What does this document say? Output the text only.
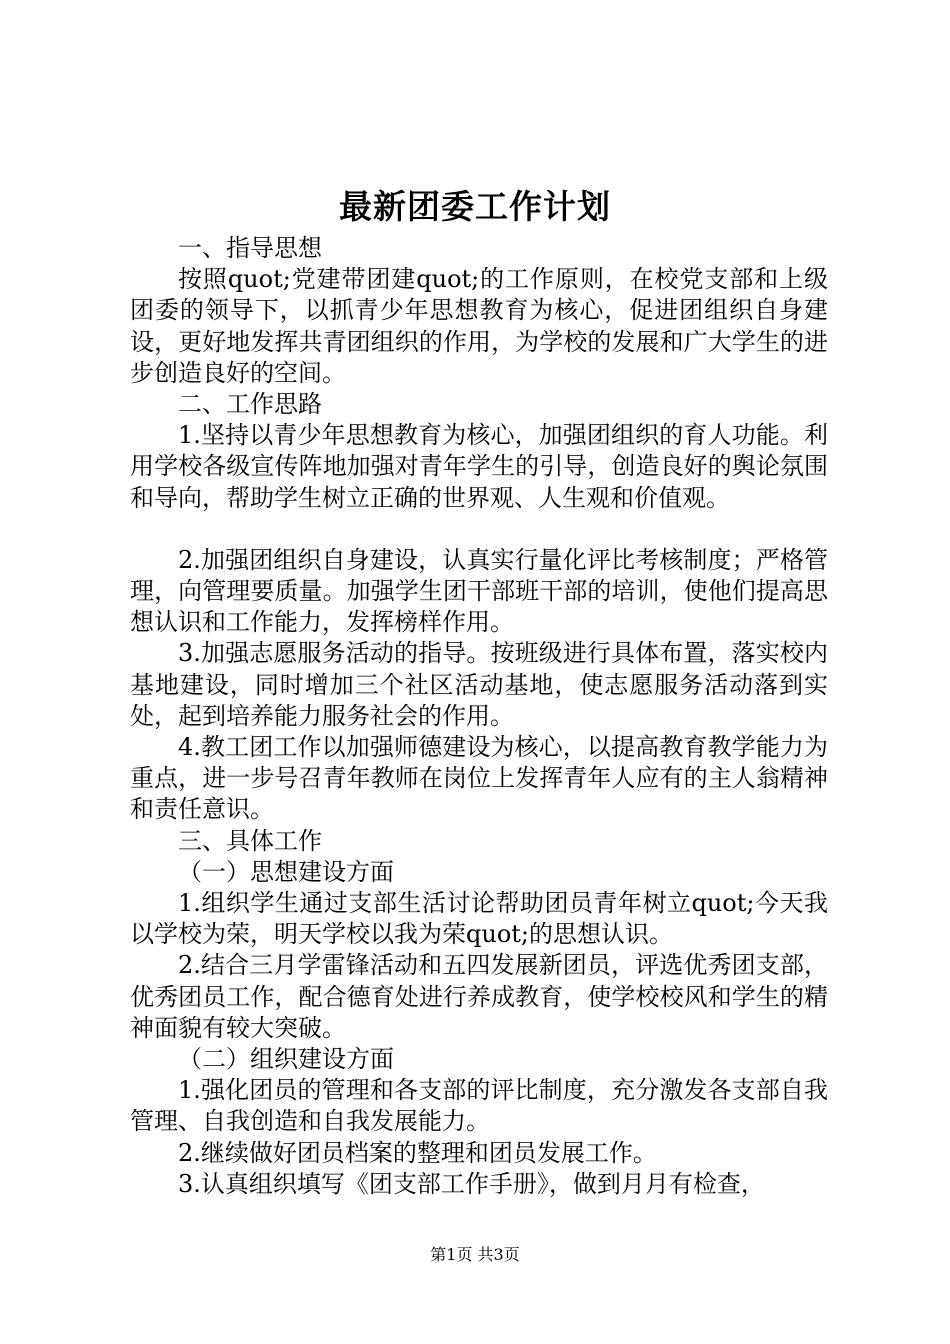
最新团委工作计划

一、指导思想

按照quot;党建带团建quot;的工作原则，在校党支部和上级团委的领导下，以抓青少年思想教育为核心，促进团组织自身建设，更好地发挥共青团组织的作用，为学校的发展和广大学生的进步创造良好的空间。

二、工作思路

1.坚持以青少年思想教育为核心，加强团组织的育人功能。利用学校各级宣传阵地加强对青年学生的引导，创造良好的舆论氛围和导向，帮助学生树立正确的世界观、人生观和价值观。

2.加强团组织自身建设，认真实行量化评比考核制度；严格管理，向管理要质量。加强学生团干部班干部的培训，使他们提高思想认识和工作能力，发挥榜样作用。

3.加强志愿服务活动的指导。按班级进行具体布置，落实校内基地建设，同时增加三个社区活动基地，使志愿服务活动落到实处，起到培养能力服务社会的作用。

4.教工团工作以加强师德建设为核心，以提高教育教学能力为重点，进一步号召青年教师在岗位上发挥青年人应有的主人翁精神和责任意识。

三、具体工作

（一）思想建设方面

1.组织学生通过支部生活讨论帮助团员青年树立quot;今天我以学校为荣，明天学校以我为荣quot;的思想认识。

2.结合三月学雷锋活动和五四发展新团员，评选优秀团支部，优秀团员工作，配合德育处进行养成教育，使学校校风和学生的精神面貌有较大突破。

（二）组织建设方面

1.强化团员的管理和各支部的评比制度，充分激发各支部自我管理、自我创造和自我发展能力。

2.继续做好团员档案的整理和团员发展工作。

3.认真组织填写《团支部工作手册》，做到月月有检查，

第1页 共3页
